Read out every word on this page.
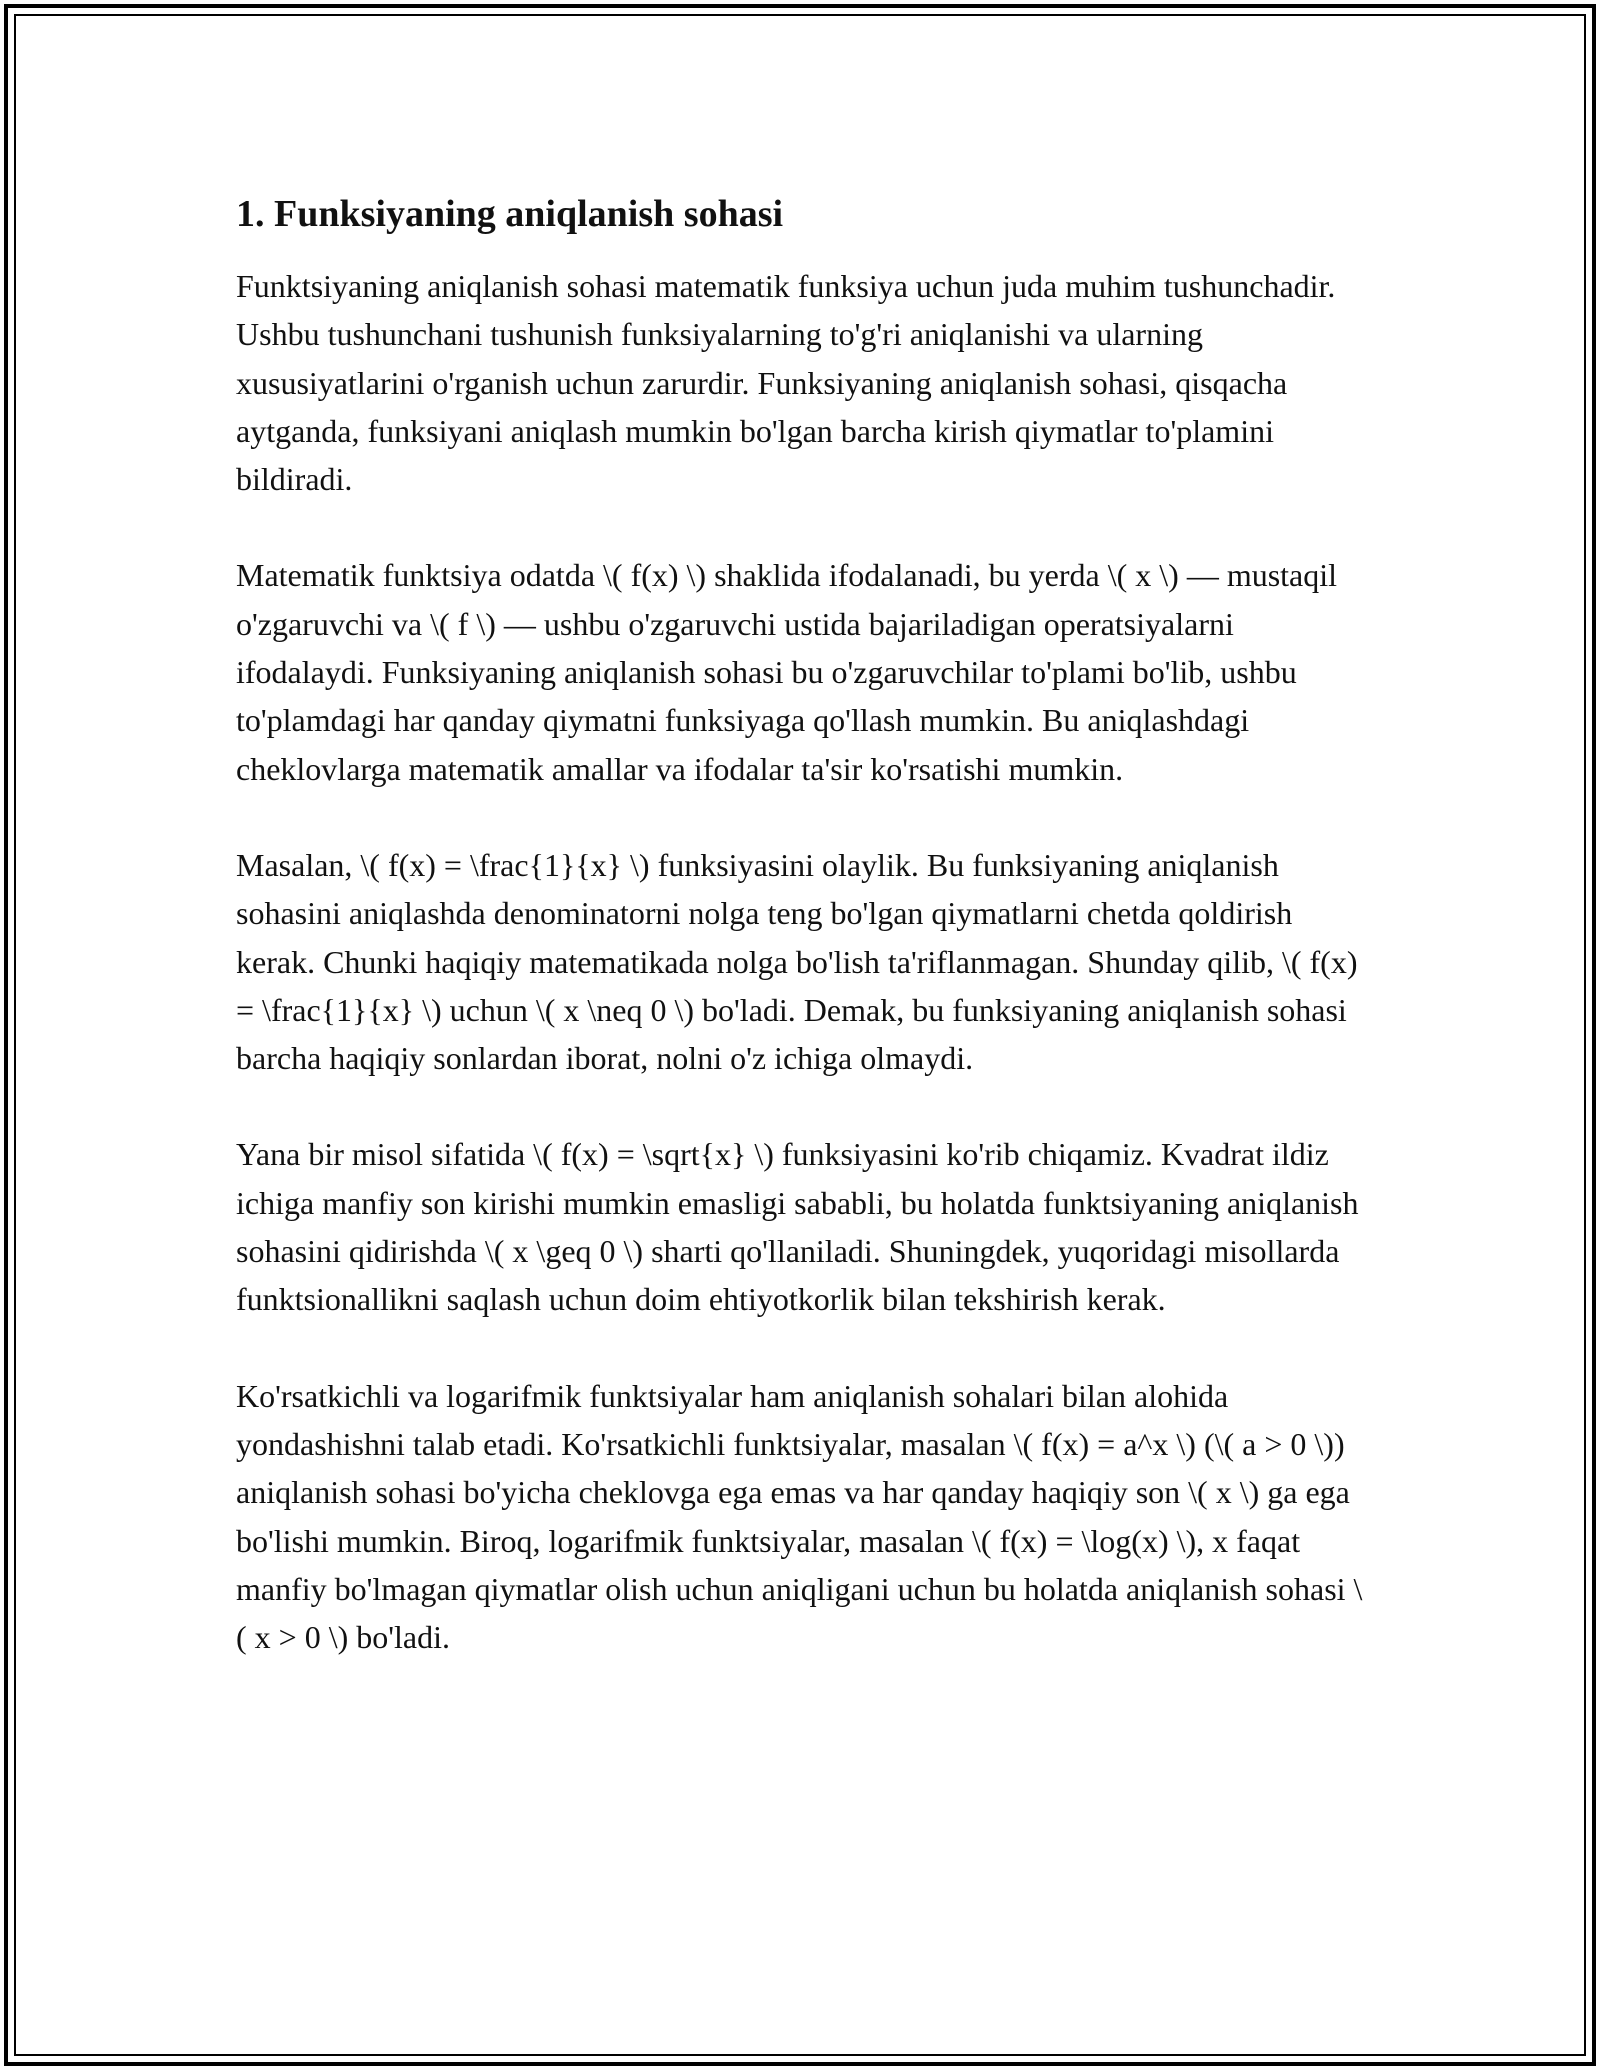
1. Funksiyaning aniqlanish sohasi

Funktsiyaning aniqlanish sohasi matematik funksiya uchun juda muhim tushunchadir. Ushbu tushunchani tushunish funksiyalarning to'g'ri aniqlanishi va ularning xususiyatlarini o'rganish uchun zarurdir. Funksiyaning aniqlanish sohasi, qisqacha aytganda, funksiyani aniqlash mumkin bo'lgan barcha kirish qiymatlar to'plamini bildiradi.

Matematik funktsiya odatda \( f(x) \) shaklida ifodalanadi, bu yerda \( x \) — mustaqil o'zgaruvchi va \( f \) — ushbu o'zgaruvchi ustida bajariladigan operatsiyalarni ifodalaydi. Funksiyaning aniqlanish sohasi bu o'zgaruvchilar to'plami bo'lib, ushbu to'plamdagi har qanday qiymatni funksiyaga qo'llash mumkin. Bu aniqlashdagi cheklovlarga matematik amallar va ifodalar ta'sir ko'rsatishi mumkin.

Masalan, \( f(x) = \frac{1}{x} \) funksiyasini olaylik. Bu funksiyaning aniqlanish sohasini aniqlashda denominatorni nolga teng bo'lgan qiymatlarni chetda qoldirish kerak. Chunki haqiqiy matematikada nolga bo'lish ta'riflanmagan. Shunday qilib, \( f(x) = \frac{1}{x} \) uchun \( x \neq 0 \) bo'ladi. Demak, bu funksiyaning aniqlanish sohasi barcha haqiqiy sonlardan iborat, nolni o'z ichiga olmaydi.

Yana bir misol sifatida \( f(x) = \sqrt{x} \) funksiyasini ko'rib chiqamiz. Kvadrat ildiz ichiga manfiy son kirishi mumkin emasligi sababli, bu holatda funktsiyaning aniqlanish sohasini qidirishda \( x \geq 0 \) sharti qo'llaniladi. Shuningdek, yuqoridagi misollarda funktsionallikni saqlash uchun doim ehtiyotkorlik bilan tekshirish kerak.

Ko'rsatkichli va logarifmik funktsiyalar ham aniqlanish sohalari bilan alohida yondashishni talab etadi. Ko'rsatkichli funktsiyalar, masalan \( f(x) = a^x \) (\( a > 0 \)) aniqlanish sohasi bo'yicha cheklovga ega emas va har qanday haqiqiy son \( x \) ga ega bo'lishi mumkin. Biroq, logarifmik funktsiyalar, masalan \( f(x) = \log(x) \), x faqat manfiy bo'lmagan qiymatlar olish uchun aniqligani uchun bu holatda aniqlanish sohasi \( x > 0 \) bo'ladi.
